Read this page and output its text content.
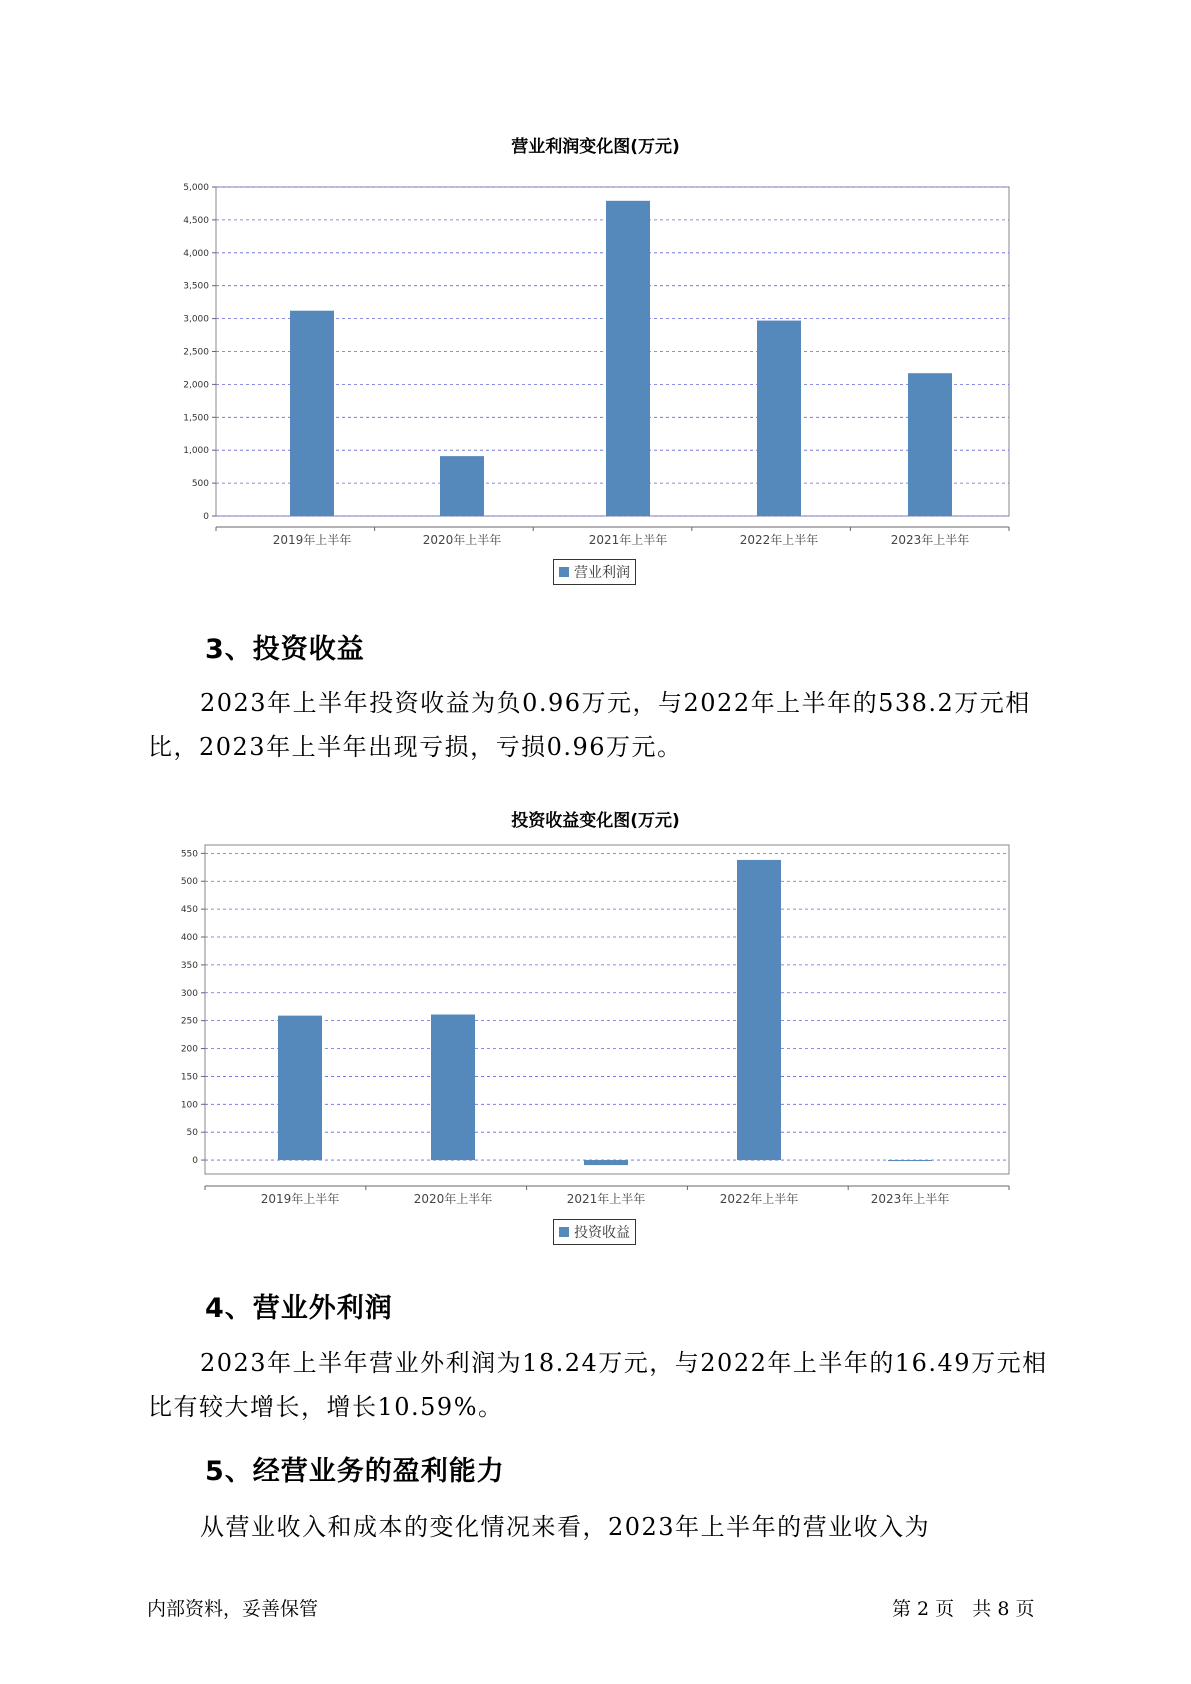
营业利润变化图(万元)
0
500
1,000
1,500
2,000
2,500
3,000
3,500
4,000
4,500
5,000
2019年上半年	2020年上半年	2021年上半年	2022年上半年	2023年上半年
营业利润
3、投资收益

2023年上半年投资收益为负0.96万元，与2022年上半年的538.2万元相比，2023年上半年出现亏损，亏损0.96万元。

投资收益变化图(万元)
0
50
100
150
200
250
300
350
400
450
500
550
2019年上半年	2020年上半年	2021年上半年	2022年上半年	2023年上半年
投资收益
4、营业外利润

2023年上半年营业外利润为18.24万元，与2022年上半年的16.49万元相比有较大增长，增长10.59%。

5、经营业务的盈利能力

从营业收入和成本的变化情况来看，2023年上半年的营业收入为

内部资料，妥善保管	第 2 页   共 8 页
